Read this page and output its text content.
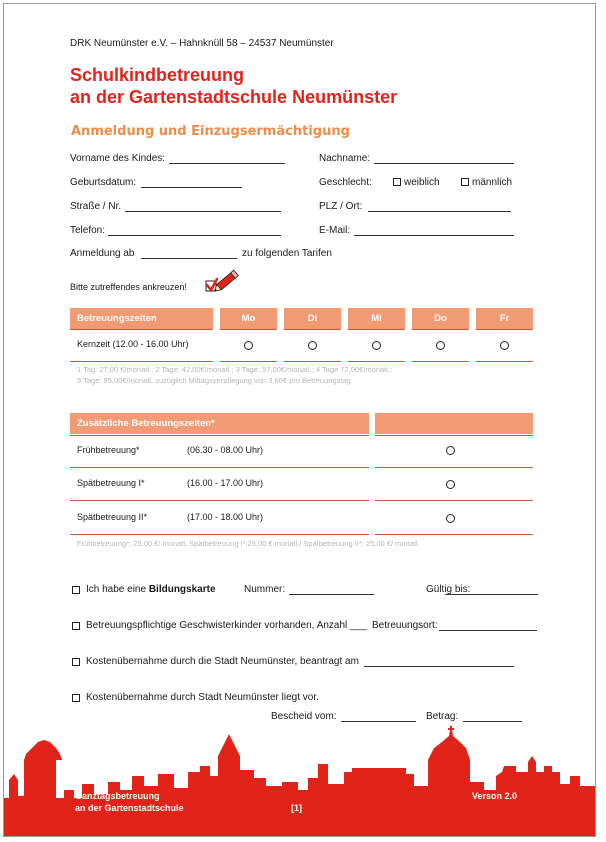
DRK Neumünster e.V. – Hahnknüll 58 – 24537 Neumünster
Schulkindbetreuung
an der Gartenstadtschule Neumünster
Anmeldung und Einzugsermächtigung
Vorname des Kindes:	Nachname:
Geburtsdatum:	Geschlecht:	weiblich	männlich
Straße / Nr.	PLZ / Ort:
Telefon:	E-Mail:
Anmeldung ab	zu folgenden Tarifen
Bitte zutreffendes ankreuzen!
Betreuungszeiten	Mo	Di	Mi	Do	Fr
Kernzeit (12.00 - 16.00 Uhr)
1 Tag: 27,00 €/monatl.; 2 Tage: 42,00€/monatl.; 3 Tage: 57,00€/monatl.; 4 Tage 72,00€/monatl.;
5 Tage: 95,00€/monatl. zuzüglich Mittagsverpflegung von 3,60€ pro Betreuungstag
Zusätzliche Betreuungszeiten*
Frühbetreuung*	(06.30 - 08.00 Uhr)
Spätbetreuung I*	(16.00 - 17.00 Uhr)
Spätbetreuung II*	(17.00 - 18.00 Uhr)
Frühbetreuung*: 25,00 €/ monatl; Spätbetreuung I*:25,00 € monatl./ Spätbetreuung II*: 25,00 €/ monatl.
Ich habe eine Bildungskarte	Nummer:	Gültig bis:
Betreuungspflichtige Geschwisterkinder vorhanden, Anzahl ___ Betreuungsort:
Kostenübernahme durch die Stadt Neumünster, beantragt am
Kostenübernahme durch Stadt Neumünster liegt vor.
Bescheid vom:	Betrag:
Ganztagsbetreuung
an der Gartenstadtschule	[1]
Verson 2.0
